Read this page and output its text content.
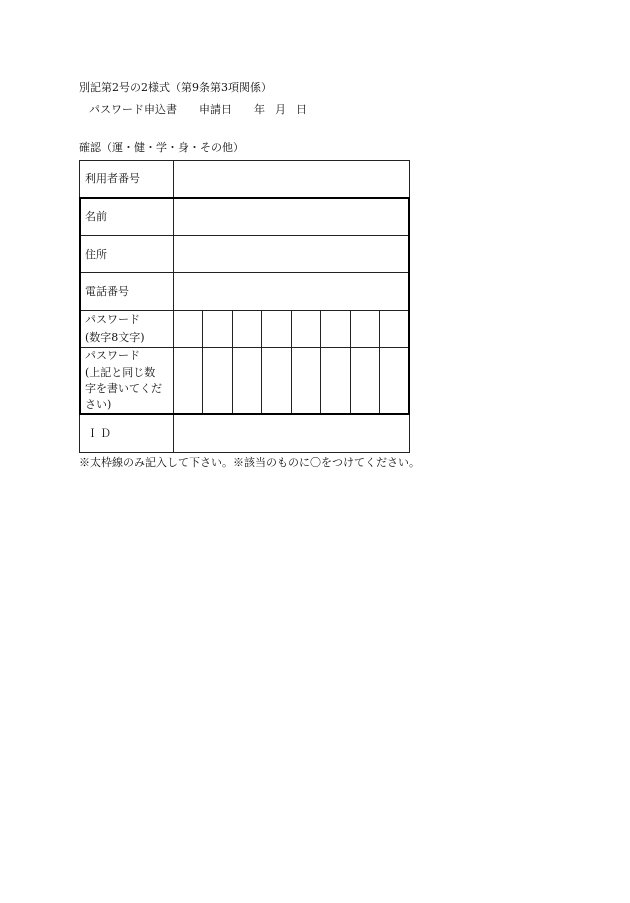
別記第2号の2様式（第9条第3項関係）
パスワード申込書 申請日 年 月 日
確認（運・健・学・身・その他）
利用者番号
名前
住所
電話番号
パスワード
(数字8文字)
パスワード
(上記と同じ数
字を書いてくだ
さい)
ＩＤ
※太枠線のみ記入して下さい。※該当のものに〇をつけてください。
